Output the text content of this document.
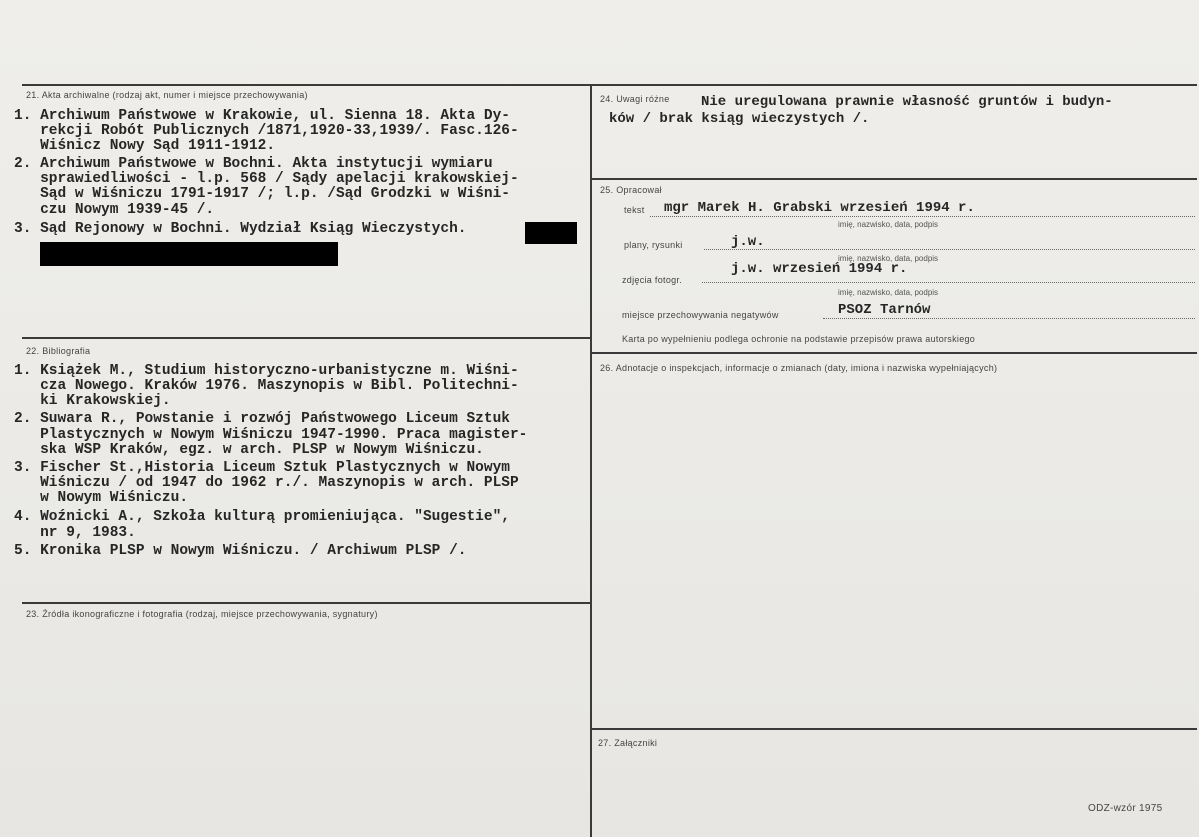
21. Akta archiwalne (rodzaj akt, numer i miejsce przechowywania)
1. Archiwum Państwowe w Krakowie, ul. Sienna 18. Akta Dy-
rekcji Robót Publicznych /1871,1920-33,1939/. Fasc.126-
Wiśnicz Nowy Sąd 1911-1912.
2. Archiwum Państwowe w Bochni. Akta instytucji wymiaru
sprawiedliwości - l.p. 568 / Sądy apelacji krakowskiej-
Sąd w Wiśniczu 1791-1917 /; l.p. /Sąd Grodzki w Wiśni-
czu Nowym 1939-45 /.
3. Sąd Rejonowy w Bochni. Wydział Ksiąg Wieczystych.
22. Bibliografia
1. Książek M., Studium historyczno-urbanistyczne m. Wiśni-
cza Nowego. Kraków 1976. Maszynopis w Bibl. Politechni-
ki Krakowskiej.
2. Suwara R., Powstanie i rozwój Państwowego Liceum Sztuk
Plastycznych w Nowym Wiśniczu 1947-1990. Praca magister-
ska WSP Kraków, egz. w arch. PLSP w Nowym Wiśniczu.
3. Fischer St.,Historia Liceum Sztuk Plastycznych w Nowym
Wiśniczu / od 1947 do 1962 r./. Maszynopis w arch. PLSP
w Nowym Wiśniczu.
4. Woźnicki A., Szkoła kulturą promieniująca. "Sugestie",
nr 9, 1983.
5. Kronika PLSP w Nowym Wiśniczu. / Archiwum PLSP /.
23. Źródła ikonograficzne i fotografia (rodzaj, miejsce przechowywania, sygnatury)
24. Uwagi różne Nie uregulowana prawnie własność gruntów i budyn-
ków / brak ksiąg wieczystych /.
25. Opracował
tekst mgr Marek H. Grabski wrzesień 1994 r.
imię, nazwisko, data, podpis
plany, rysunki	j.w.
imię, nazwisko, data, podpis
zdjęcia fotogr.
j.w. wrzesień 1994 r.
imię, nazwisko, data, podpis
miejsce przechowywania negatywów	PSOZ Tarnów
Karta po wypełnieniu podlega ochronie na podstawie przepisów prawa autorskiego
26. Adnotacje o inspekcjach, informacje o zmianach (daty, imiona i nazwiska wypełniających)
27. Załączniki
ODZ-wzór 1975
